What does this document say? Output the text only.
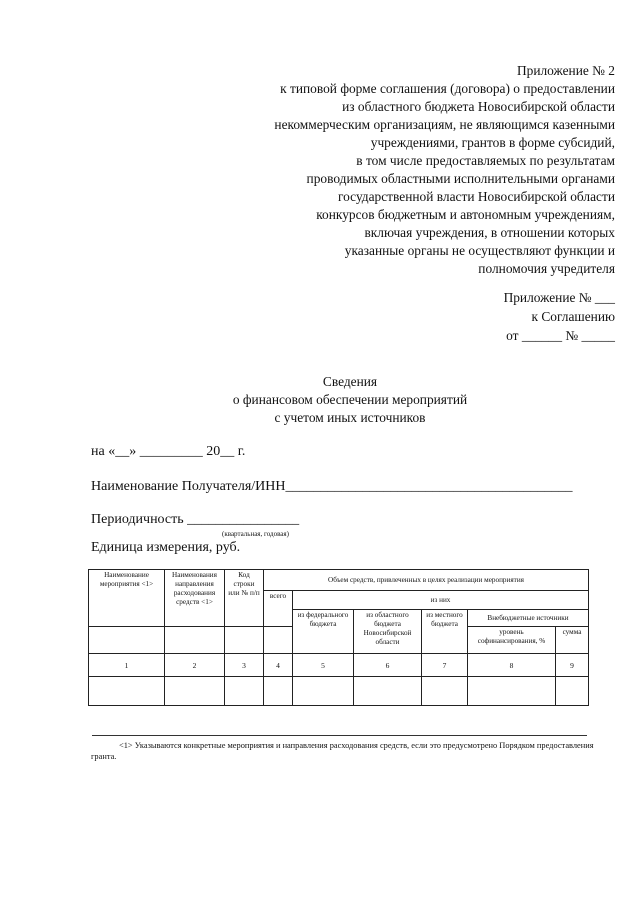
Приложение № 2
к типовой форме соглашения (договора) о предоставлении
из областного бюджета Новосибирской области
некоммерческим организациям, не являющимся казенными
учреждениями, грантов в форме субсидий,
в том числе предоставляемых по результатам
проводимых областными исполнительными органами
государственной власти Новосибирской области
конкурсов бюджетным и автономным учреждениям,
включая учреждения, в отношении которых
указанные органы не осуществляют функции и
полномочия учредителя
Приложение № ___
к Соглашению
от ______ № _____
Сведения
о финансовом обеспечении мероприятий
с учетом иных источников
на «__» _________ 20__ г.
Наименование Получателя/ИНН_________________________________________
Периодичность ________________
(квартальная, годовая)
Единица измерения, руб.
Наименование мероприятия <1>	Наименования направления расходования средств <1>	Код строки или № п/п	Объем средств, привлеченных в целях реализации мероприятия					
			всего	из них				
				из федерального бюджета	из областного бюджета Новосибирской области	из местного бюджета	Внебюджетные источники	
							уровень софинансирования, %	сумма
1	2	3	4	5	6	7	8	9

<1> Указываются конкретные мероприятия и направления расходования средств, если это предусмотрено Порядком предоставления гранта.
